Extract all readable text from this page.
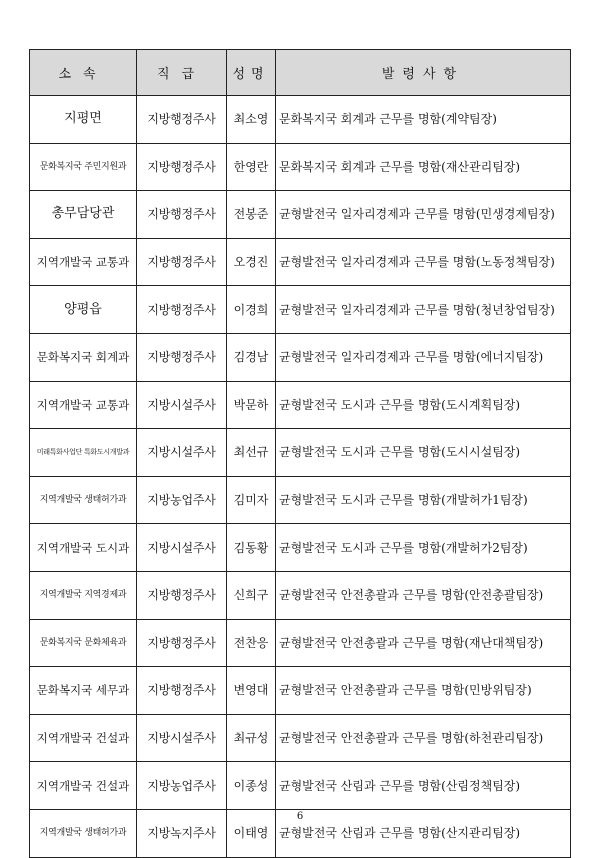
소속	직급	성명	발령사항
지평면	지방행정주사	최소영	문화복지국 회계과 근무를 명함(계약팀장)
문화복지국 주민지원과	지방행정주사	한영란	문화복지국 회계과 근무를 명함(재산관리팀장)
총무담당관	지방행정주사	전봉준	균형발전국 일자리경제과 근무를 명함(민생경제팀장)
지역개발국 교통과	지방행정주사	오경진	균형발전국 일자리경제과 근무를 명함(노동정책팀장)
양평읍	지방행정주사	이경희	균형발전국 일자리경제과 근무를 명함(청년창업팀장)
문화복지국 회계과	지방행정주사	김경남	균형발전국 일자리경제과 근무를 명함(에너지팀장)
지역개발국 교통과	지방시설주사	박문하	균형발전국 도시과 근무를 명함(도시계획팀장)
미래특화사업단 특화도시개발과	지방시설주사	최선규	균형발전국 도시과 근무를 명함(도시시설팀장)
지역개발국 생태허가과	지방농업주사	김미자	균형발전국 도시과 근무를 명함(개발허가1팀장)
지역개발국 도시과	지방시설주사	김동황	균형발전국 도시과 근무를 명함(개발허가2팀장)
지역개발국 지역경제과	지방행정주사	신희구	균형발전국 안전총괄과 근무를 명함(안전총괄팀장)
문화복지국 문화체육과	지방행정주사	전찬응	균형발전국 안전총괄과 근무를 명함(재난대책팀장)
문화복지국 세무과	지방행정주사	변영대	균형발전국 안전총괄과 근무를 명함(민방위팀장)
지역개발국 건설과	지방시설주사	최규성	균형발전국 안전총괄과 근무를 명함(하천관리팀장)
지역개발국 건설과	지방농업주사	이종성	균형발전국 산림과 근무를 명함(산림정책팀장)
지역개발국 생태허가과	지방녹지주사	이태영	균형발전국 산림과 근무를 명함(산지관리팀장)
6
